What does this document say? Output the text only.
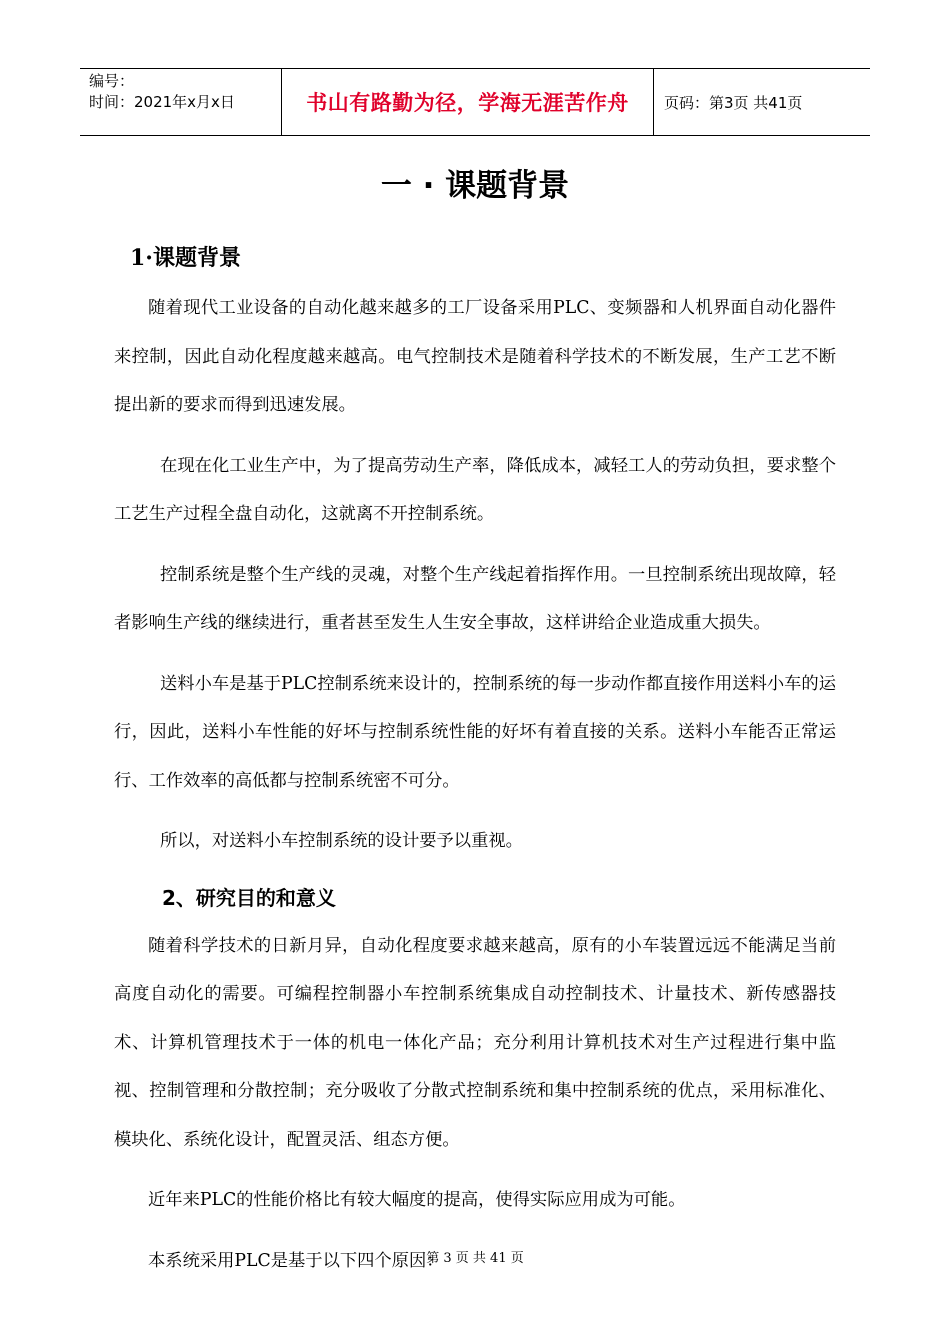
编号：
时间：2021年x月x日	书山有路勤为径，学海无涯苦作舟 页码：第3页 共41页
一 · 课题背景
1·课题背景

随着现代工业设备的自动化越来越多的工厂设备采用PLC、变频器和人机界面自动化器件来控制，因此自动化程度越来越高。电气控制技术是随着科学技术的不断发展，生产工艺不断提出新的要求而得到迅速发展。

在现在化工业生产中，为了提高劳动生产率，降低成本，减轻工人的劳动负担，要求整个工艺生产过程全盘自动化，这就离不开控制系统。

控制系统是整个生产线的灵魂，对整个生产线起着指挥作用。一旦控制系统出现故障，轻者影响生产线的继续进行，重者甚至发生人生安全事故，这样讲给企业造成重大损失。

送料小车是基于PLC控制系统来设计的，控制系统的每一步动作都直接作用送料小车的运行，因此，送料小车性能的好坏与控制系统性能的好坏有着直接的关系。送料小车能否正常运行、工作效率的高低都与控制系统密不可分。

所以，对送料小车控制系统的设计要予以重视。

2、研究目的和意义

随着科学技术的日新月异，自动化程度要求越来越高，原有的小车装置远远不能满足当前高度自动化的需要。可编程控制器小车控制系统集成自动控制技术、计量技术、新传感器技术、计算机管理技术于一体的机电一体化产品；充分利用计算机技术对生产过程进行集中监视、控制管理和分散控制；充分吸收了分散式控制系统和集中控制系统的优点，采用标准化、模块化、系统化设计，配置灵活、组态方便。

近年来PLC的性能价格比有较大幅度的提高，使得实际应用成为可能。

本系统采用PLC是基于以下四个原因：

第 3 页 共 41 页
